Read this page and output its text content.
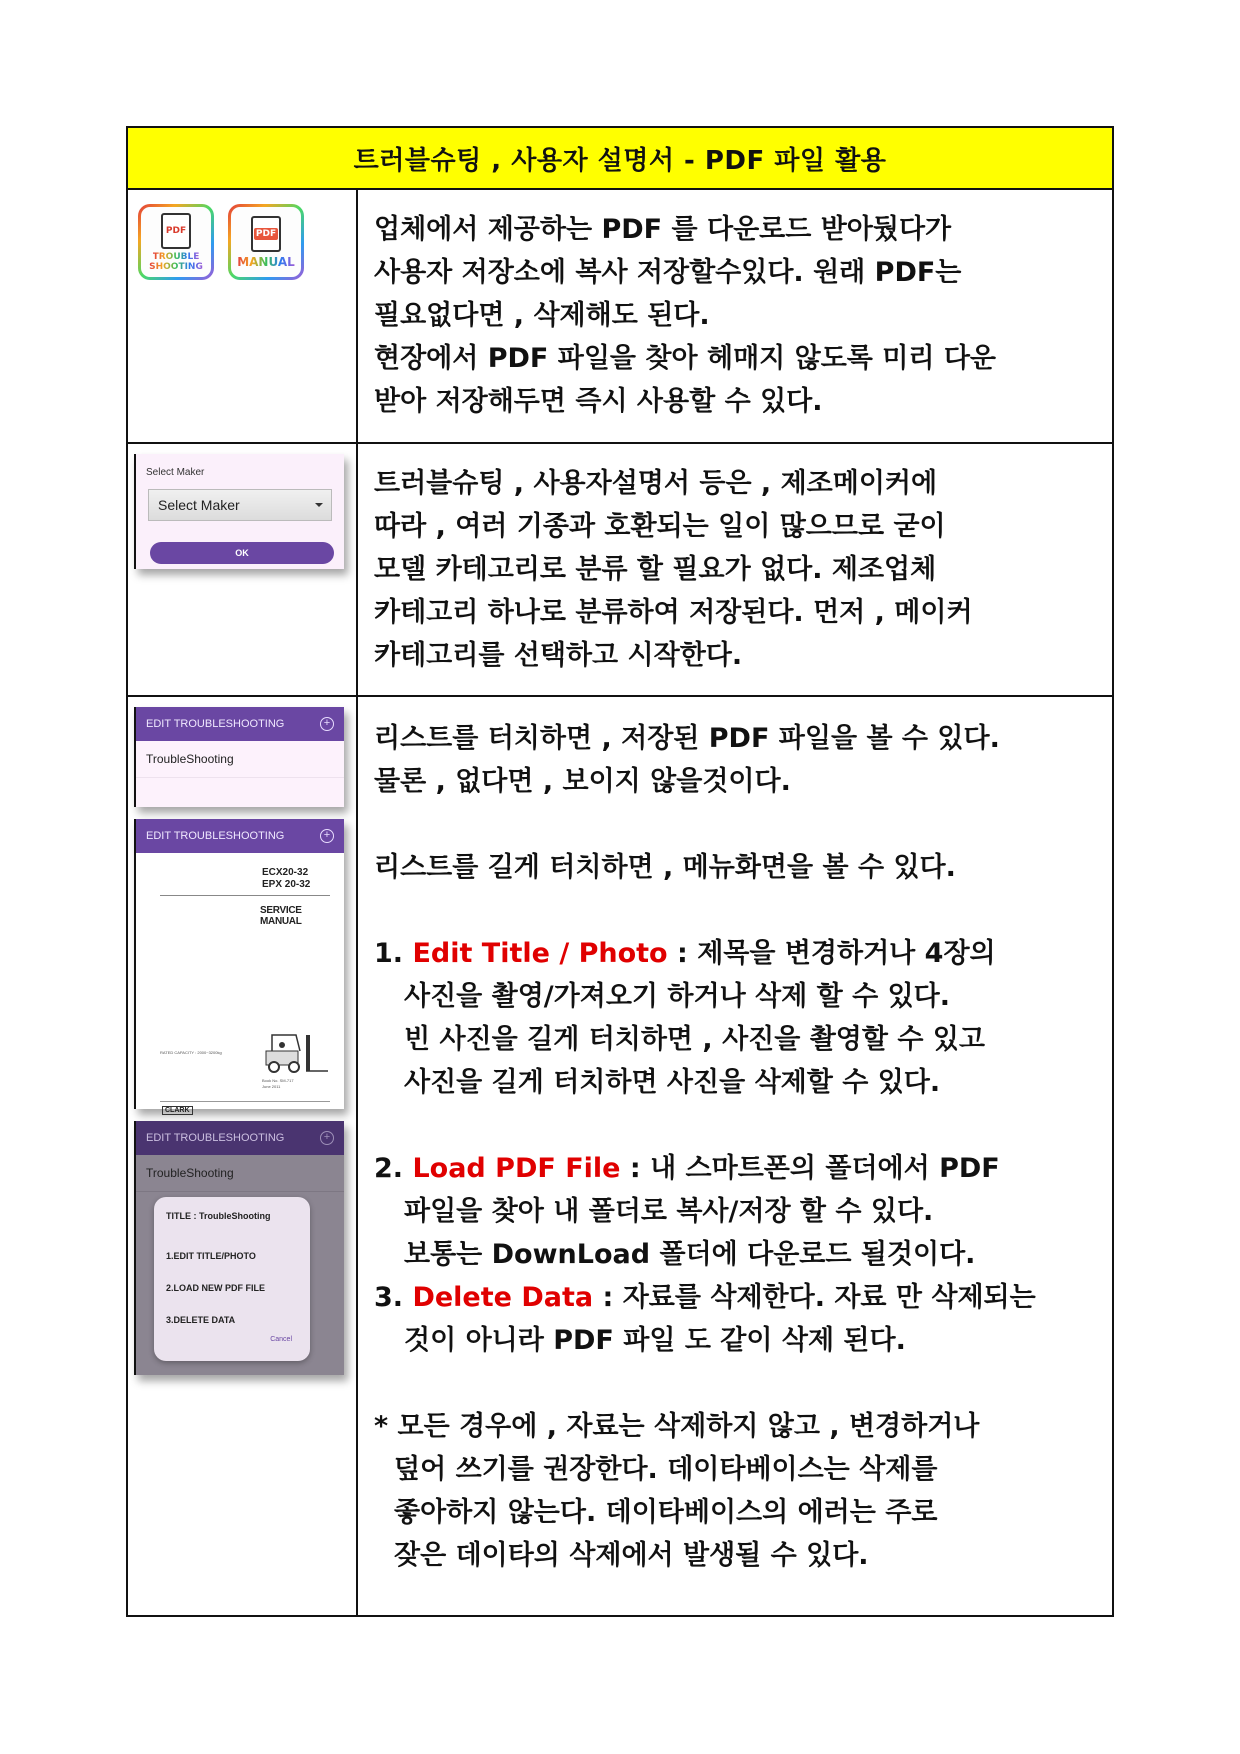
트러블슈팅 , 사용자 설명서 - PDF 파일 활용
PDF
TROUBLE
SHOOTING
PDF
MANUAL
업체에서 제공하는 PDF 를 다운로드 받아뒀다가
사용자 저장소에 복사 저장할수있다. 원래 PDF는
필요없다면 , 삭제해도 된다.
현장에서 PDF 파일을 찾아 헤매지 않도록 미리 다운
받아 저장해두면 즉시 사용할 수 있다.
Select Maker
Select Maker
OK
트러블슈팅 , 사용자설명서 등은 , 제조메이커에
따라 , 여러 기종과 호환되는 일이 많으므로 굳이
모델 카테고리로 분류 할 필요가 없다. 제조업체
카테고리 하나로 분류하여 저장된다. 먼저 , 메이커
카테고리를 선택하고 시작한다.
EDIT TROUBLESHOOTING	+
TroubleShooting
EDIT TROUBLESHOOTING	+
ECX20-32
EPX 20-32
SERVICE MANUAL
RATED CAPACITY : 2000~3200kg
Book No. SM-717
June 2011
CLARK
EDIT TROUBLESHOOTING	+
TroubleShooting
TITLE : TroubleShooting
1.EDIT TITLE/PHOTO
2.LOAD NEW PDF FILE
3.DELETE DATA
Cancel
리스트를 터치하면 , 저장된 PDF 파일을 볼 수 있다.
물론 , 없다면 , 보이지 않을것이다.
리스트를 길게 터치하면 , 메뉴화면을 볼 수 있다.
1. Edit Title / Photo : 제목을 변경하거나 4장의
사진을 촬영/가져오기 하거나 삭제 할 수 있다.
빈 사진을 길게 터치하면 , 사진을 촬영할 수 있고
사진을 길게 터치하면 사진을 삭제할 수 있다.
2. Load PDF File : 내 스마트폰의 폴더에서 PDF
파일을 찾아 내 폴더로 복사/저장 할 수 있다.
보통는 DownLoad 폴더에 다운로드 될것이다.
3. Delete Data : 자료를 삭제한다. 자료 만 삭제되는
것이 아니라 PDF 파일 도 같이 삭제 된다.
* 모든 경우에 , 자료는 삭제하지 않고 , 변경하거나
덮어 쓰기를 권장한다. 데이타베이스는 삭제를
좋아하지 않는다. 데이타베이스의 에러는 주로
잦은 데이타의 삭제에서 발생될 수 있다.
